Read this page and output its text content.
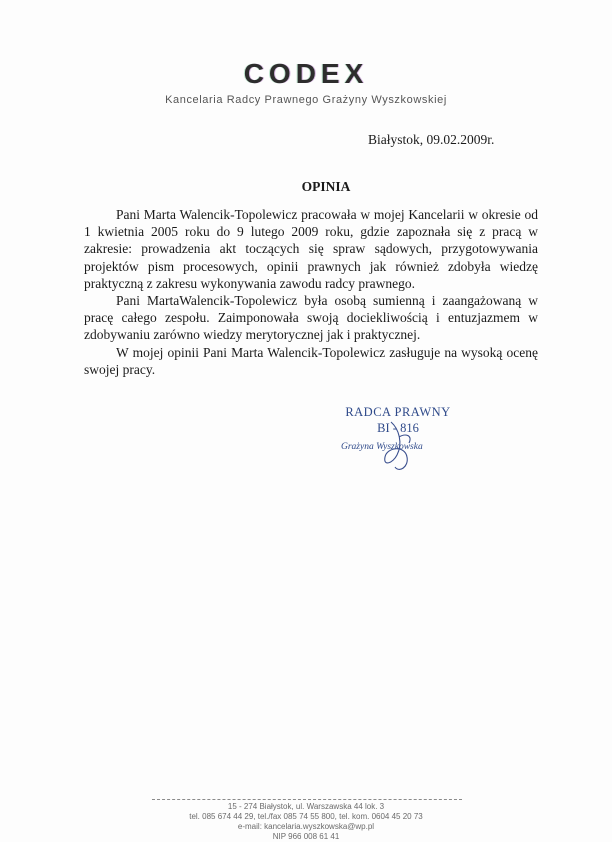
CODEX
Kancelaria Radcy Prawnego Grażyny Wyszkowskiej
Białystok, 09.02.2009r.
OPINIA

Pani Marta Walencik-Topolewicz pracowała w mojej Kancelarii w okresie od 1 kwietnia 2005 roku do 9 lutego 2009 roku, gdzie zapoznała się z pracą w zakresie: prowadzenia akt toczących się spraw sądowych, przygotowywania projektów pism procesowych, opinii prawnych jak również zdobyła wiedzę praktyczną z zakresu wykonywania zawodu radcy prawnego.

Pani MartaWalencik-Topolewicz była osobą sumienną i zaangażowaną w pracę całego zespołu. Zaimponowała swoją dociekliwością i entuzjazmem w zdobywaniu zarówno wiedzy merytorycznej jak i praktycznej.

W mojej opinii Pani Marta Walencik-Topolewicz zasługuje na wysoką ocenę swojej pracy.

RADCA PRAWNY
BI - 816
Grażyna Wyszkowska
15 - 274 Białystok, ul. Warszawska 44 lok. 3
tel. 085 674 44 29, tel./fax 085 74 55 800, tel. kom. 0604 45 20 73
e-mail: kancelaria.wyszkowska@wp.pl
NIP 966 008 61 41
